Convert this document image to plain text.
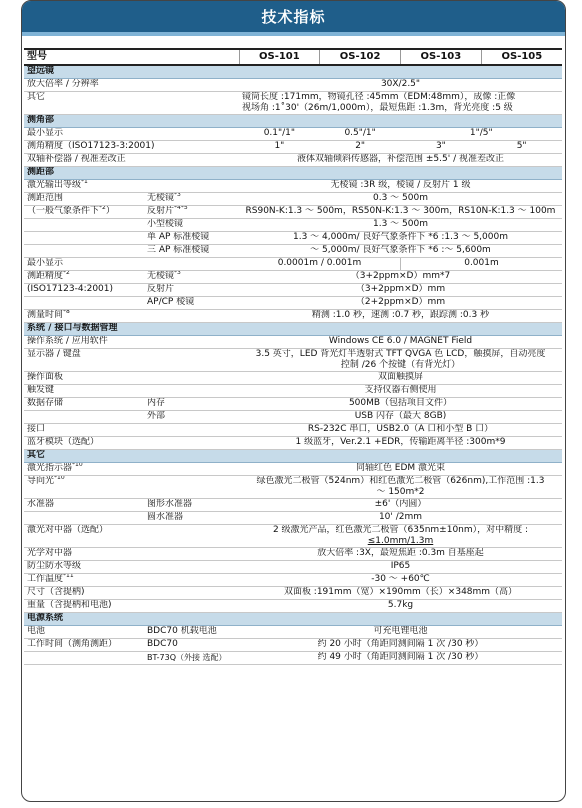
技术指标
型号		OS-101	OS-102	OS-103	OS-105
望远镜					
放大倍率 / 分辨率		30X/2.5"			
其它		镜筒长度 :171mm，物镜孔径 :45mm（EDM:48mm），成像 :正像
视场角 :1˚30'（26m/1,000m），最短焦距 :1.3m，背光亮度 :5 级			

测角部					
最小显示		0.1"/1"	0.5"/1"	1"/5"	
测角精度（ISO17123-3:2001)		1"	2"	3"	5"
双轴补偿器 / 视准差改正		液体双轴倾斜传感器，补偿范围 ±5.5' / 视准差改正			
测距部					
激光输出等级$^{*1}$		无棱镜 :3R 级，棱镜 / 反射片 1 级			
测距范围	无棱镜$^{*3}$	0.3 ～ 500m			
（一般气象条件下$^{*2}$）	反射片$^{*4*5}$	RS90N-K:1.3 ～ 500m，RS50N-K:1.3 ～ 300m，RS10N-K:1.3 ～ 100m			
	小型棱镜	1.3 ～ 500m			
	单 AP 标准棱镜	1.3 ～ 4,000m/ 良好气象条件下 *6 :1.3 ～ 5,000m			
	三 AP 标准棱镜	～ 5,000m/ 良好气象条件下 *6 :～ 5,600m			
最小显示		0.0001m / 0.001m		0.001m	
测距精度$^{*2}$	无棱镜$^{*3}$	（3+2ppm×D）mm*7			
(ISO17123-4:2001)	反射片	（3+2ppm×D）mm			
	AP/CP 棱镜	（2+2ppm×D）mm			
测量时间$^{*8}$		精测 :1.0 秒，速测 :0.7 秒，跟踪测 :0.3 秒			
系统 / 接口与数据管理					
操作系统 / 应用软件		Windows CE 6.0 / MAGNET Field			
显示器 / 键盘		3.5 英寸，LED 背光灯半透射式 TFT QVGA 色 LCD，触摸屏，自动亮度
控制 /26 个按键（有背光灯）			

操作面板		双面触摸屏			
触发键		支持仪器右侧使用			
数据存储	内存	500MB（包括项目文件）			
	外部	USB 闪存（最大 8GB)			
接口		RS-232C 串口，USB2.0（A 口和小型 B 口）			
蓝牙模块（选配）		1 级蓝牙，Ver.2.1 +EDR，传输距离半径 :300m*9			
其它					
激光指示器$^{*10}$		同轴红色 EDM 激光束			
导向光$^{*10}$		绿色激光二极管（524nm）和红色激光二极管（626nm),工作范围 :1.3
～ 150m*2			

水准器	图形水准器	±6'（内圆）			
	圆水准器	10' /2mm			
激光对中器（选配）		2 级激光产品，红色激光二极管（635nm±10nm），对中精度 :
≤1.0mm/1.3m			

光学对中器		放大倍率 :3X，最短焦距 :0.3m 自基座起			
防尘防水等级		IP65			
工作温度$^{*11}$		-30 ～ +60℃			
尺寸（含提柄)		双面板 :191mm（宽）×190mm（长）×348mm（高）			
重量（含提柄和电池)		5.7kg			
电源系统					
电池	BDC70 机载电池	可充电锂电池			
工作时间（测角测距）	BDC70	约 20 小时（角距同测间隔 1 次 /30 秒）			
	BT-73Q（外接 选配）	约 49 小时（角距同测间隔 1 次 /30 秒）			
